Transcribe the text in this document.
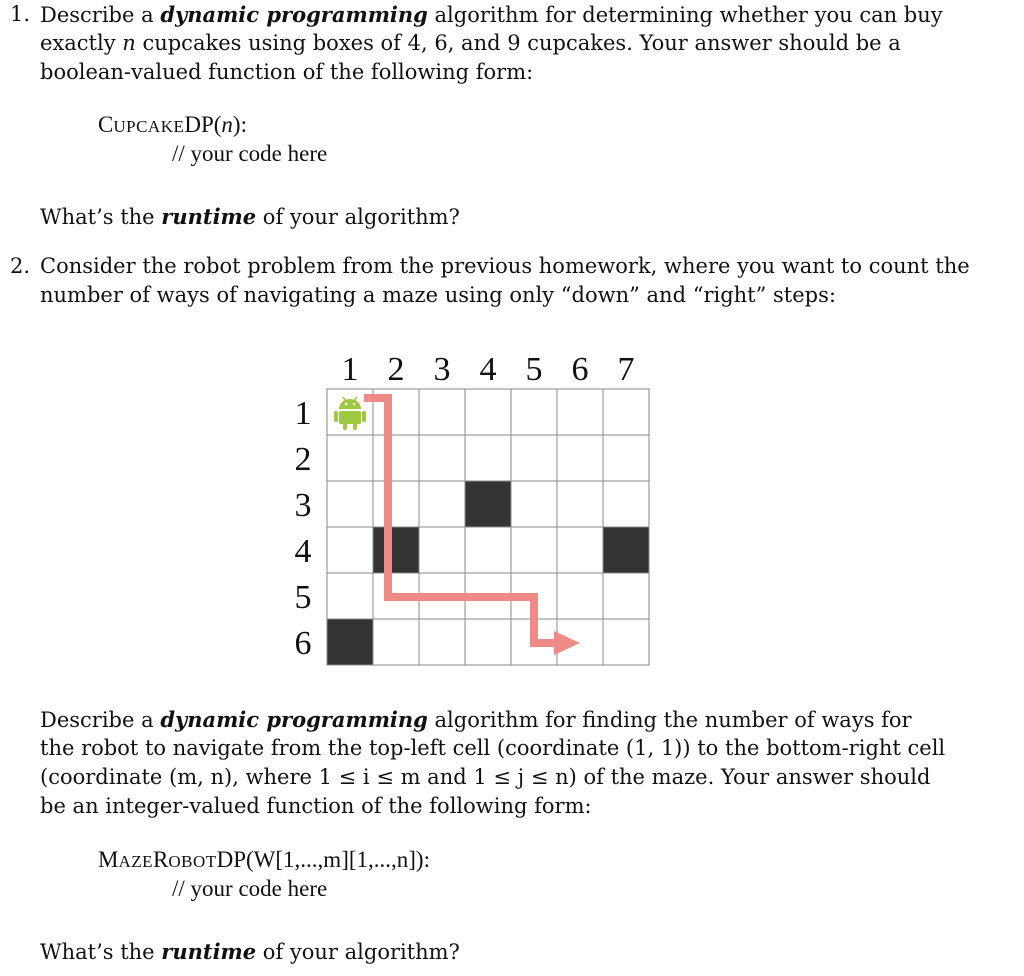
1. Describe a dynamic programming algorithm for determining whether you can buy
exactly n cupcakes using boxes of 4, 6, and 9 cupcakes. Your answer should be a
boolean-valued function of the following form:
CUPCAKEDP(n):
// your code here
What’s the runtime of your algorithm?
2. Consider the robot problem from the previous homework, where you want to count the
number of ways of navigating a maze using only “down” and “right” steps:
1 2 3 4 5 6 7
1
2
3
4
5
6
Describe a dynamic programming algorithm for finding the number of ways for
the robot to navigate from the top-left cell (coordinate (1, 1)) to the bottom-right cell
(coordinate (m, n), where 1 ≤ i ≤ m and 1 ≤ j ≤ n) of the maze. Your answer should
be an integer-valued function of the following form:
MAZEROBOTDP(W[1,...,m][1,...,n]):
// your code here
What’s the runtime of your algorithm?
